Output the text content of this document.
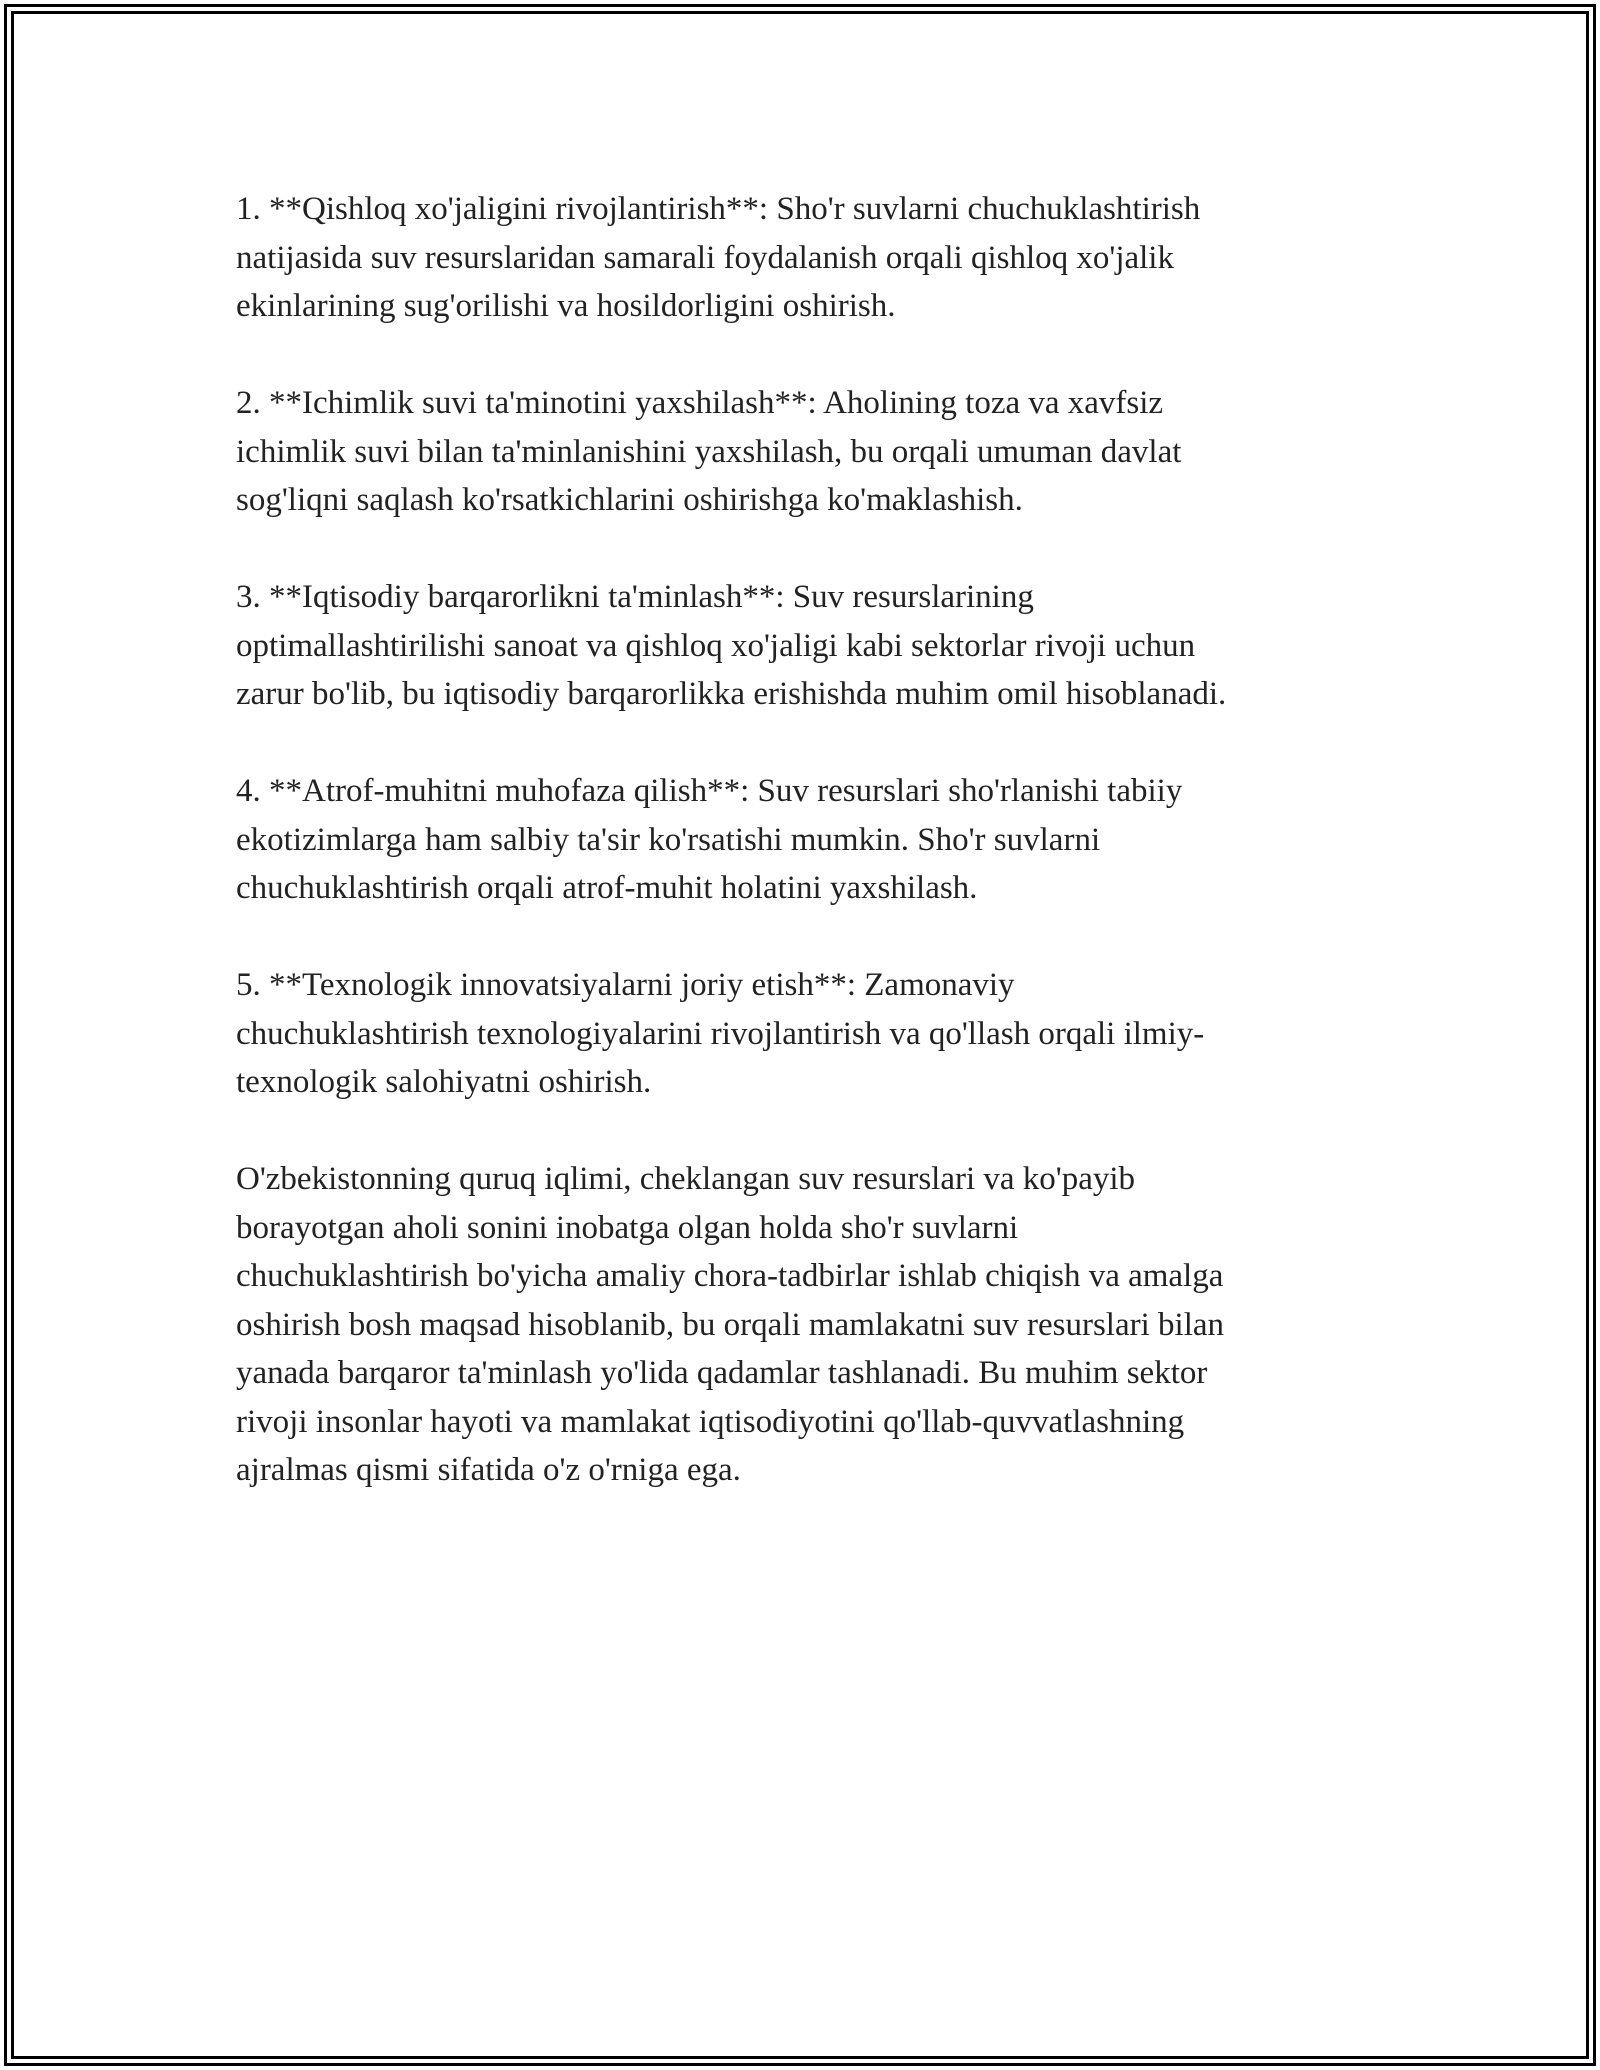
1. **Qishloq xo'jaligini rivojlantirish**: Sho'r suvlarni chuchuklashtirish
natijasida suv resurslaridan samarali foydalanish orqali qishloq xo'jalik
ekinlarining sug'orilishi va hosildorligini oshirish.

2. **Ichimlik suvi ta'minotini yaxshilash**: Aholining toza va xavfsiz
ichimlik suvi bilan ta'minlanishini yaxshilash, bu orqali umuman davlat
sog'liqni saqlash ko'rsatkichlarini oshirishga ko'maklashish.

3. **Iqtisodiy barqarorlikni ta'minlash**: Suv resurslarining
optimallashtirilishi sanoat va qishloq xo'jaligi kabi sektorlar rivoji uchun
zarur bo'lib, bu iqtisodiy barqarorlikka erishishda muhim omil hisoblanadi.

4. **Atrof-muhitni muhofaza qilish**: Suv resurslari sho'rlanishi tabiiy
ekotizimlarga ham salbiy ta'sir ko'rsatishi mumkin. Sho'r suvlarni
chuchuklashtirish orqali atrof-muhit holatini yaxshilash.

5. **Texnologik innovatsiyalarni joriy etish**: Zamonaviy
chuchuklashtirish texnologiyalarini rivojlantirish va qo'llash orqali ilmiy-
texnologik salohiyatni oshirish.

O'zbekistonning quruq iqlimi, cheklangan suv resurslari va ko'payib
borayotgan aholi sonini inobatga olgan holda sho'r suvlarni
chuchuklashtirish bo'yicha amaliy chora-tadbirlar ishlab chiqish va amalga
oshirish bosh maqsad hisoblanib, bu orqali mamlakatni suv resurslari bilan
yanada barqaror ta'minlash yo'lida qadamlar tashlanadi. Bu muhim sektor
rivoji insonlar hayoti va mamlakat iqtisodiyotini qo'llab-quvvatlashning
ajralmas qismi sifatida o'z o'rniga ega.
